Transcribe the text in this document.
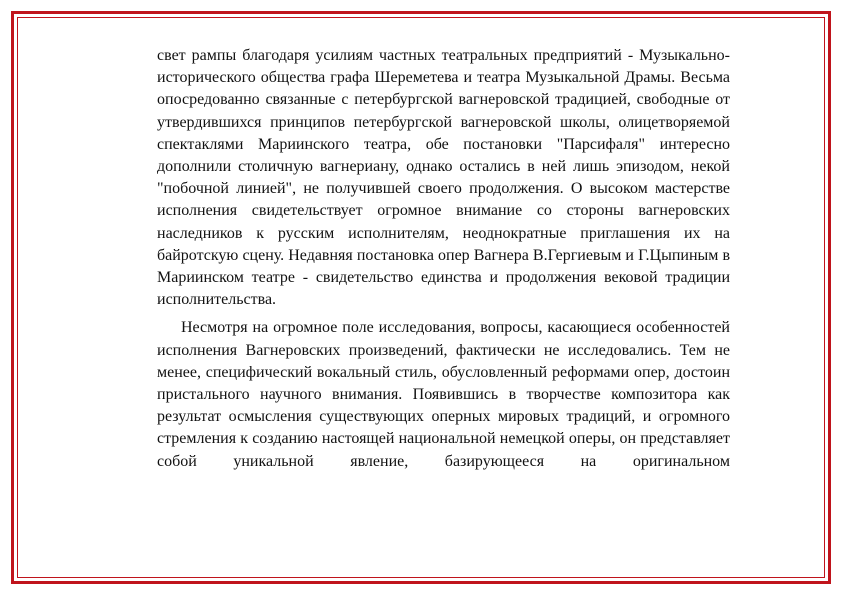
свет рампы благодаря усилиям частных театральных предприятий - Музыкально-исторического общества графа Шереметева и театра Музыкальной Драмы. Весьма опосредованно связанные с петербургской вагнеровской традицией, свободные от утвердившихся принципов петербургской вагнеровской школы, олицетворяемой спектаклями Мариинского театра, обе постановки "Парсифаля" интересно дополнили столичную вагнериану, однако остались в ней лишь эпизодом, некой "побочной линией", не получившей своего продолжения. О высоком мастерстве исполнения свидетельствует огромное внимание со стороны вагнеровских наследников к русским исполнителям, неоднократные приглашения их на байротскую сцену. Недавняя постановка опер Вагнера В.Гергиевым и Г.Цыпиным в Мариинском театре - свидетельство единства и продолжения вековой традиции исполнительства.

Несмотря на огромное поле исследования, вопросы, касающиеся особенностей исполнения Вагнеровских произведений, фактически не исследовались. Тем не менее, специфический вокальный стиль, обусловленный реформами опер, достоин пристального научного внимания. Появившись в творчестве композитора как результат осмысления существующих оперных мировых традиций, и огромного стремления к созданию настоящей национальной немецкой оперы, он представляет собой уникальной явление, базирующееся на оригинальном
